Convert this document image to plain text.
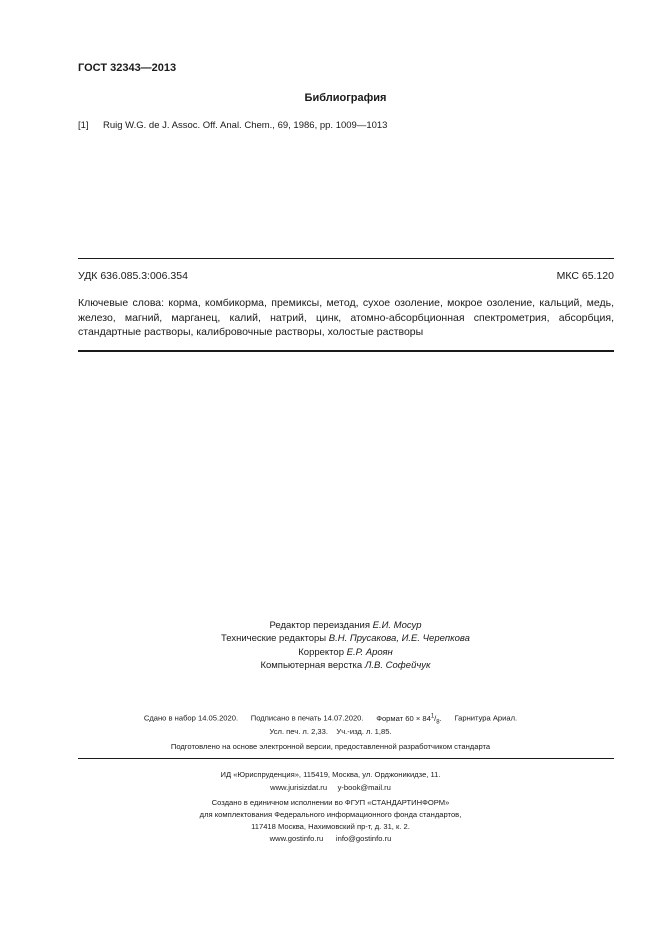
ГОСТ 32343—2013
Библиография
[1] Ruig W.G. de J. Assoc. Off. Anal. Chem., 69, 1986, pp. 1009—1013
УДК 636.085.3:006.354	МКС 65.120
Ключевые слова: корма, комбикорма, премиксы, метод, сухое озоление, мокрое озоление, кальций, медь, железо, магний, марганец, калий, натрий, цинк, атомно-абсорбционная спектрометрия, абсорбция, стандартные растворы, калибровочные растворы, холостые растворы
Редактор переиздания Е.И. Мосур
Технические редакторы В.Н. Прусакова, И.Е. Черепкова
Корректор Е.Р. Ароян
Компьютерная верстка Л.В. Софейчук
Сдано в набор 14.05.2020. Подписано в печать 14.07.2020. Формат $60 \times 84^1/_8$. Гарнитура Ариал.
Усл. печ. л. 2,33.    Уч.-изд. л. 1,85.
Подготовлено на основе электронной версии, предоставленной разработчиком стандарта
ИД «Юриспруденция», 115419, Москва, ул. Орджоникидзе, 11.
www.jurisizdat.ru     y-book@mail.ru
Создано в единичном исполнении во ФГУП «СТАНДАРТИНФОРМ»
для комплектования Федерального информационного фонда стандартов,
117418 Москва, Нахимовский пр-т, д. 31, к. 2.
www.gostinfo.ru      info@gostinfo.ru
